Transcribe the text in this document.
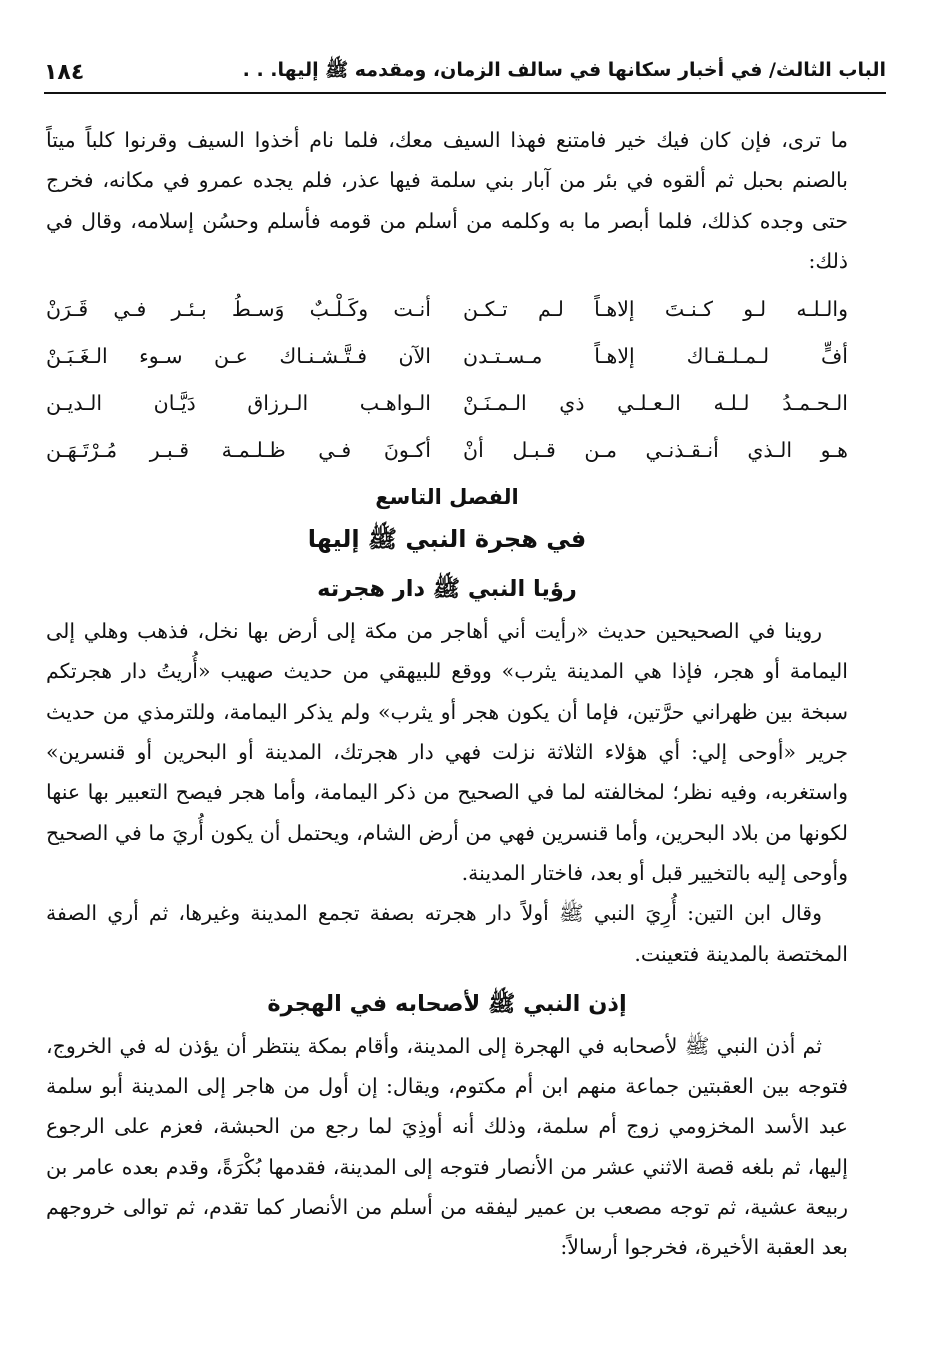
الباب الثالث/ في أخبار سكانها في سالف الزمان، ومقدمه ﷺ إليها. . .
١٨٤

ما ترى، فإن كان فيك خير فامتنع فهذا السيف معك، فلما نام أخذوا السيف وقرنوا كلباً ميتاً بالصنم بحبل ثم ألقوه في بئر من آبار بني سلمة فيها عذر، فلم يجده عمرو في مكانه، فخرج حتى وجده كذلك، فلما أبصر ما به وكلمه من أسلم من قومه فأسلم وحسُن إسلامه، وقال في ذلك:

والـلـه لـو كـنـتَ إلاهـاً لـم تـكـن
أنـت وكَـلْـبٌ وَسـطُ بـئـر فـي قَـرَنْ
أفٍّ لـمـلـقـاك إلاهـاً مـسـتـدن
الآن فـتَّـشـنـاك عـن سـوء الـغَـبَـنْ
الـحـمـدُ لـلـه الـعـلـي ذي الـمـنَـنْ
الـواهـب الـرزاق دَيَّـان الـديـن
هـو الـذي أنـقـذنـي مـن قـبـل أنْ
أكـونَ فـي ظـلـمـة قـبـر مُـرْتَـهَـن
الفصل التاسع
في هجرة النبي ﷺ إليها
رؤيا النبي ﷺ دار هجرته

روينا في الصحيحين حديث «رأيت أني أهاجر من مكة إلى أرض بها نخل، فذهب وهلي إلى اليمامة أو هجر، فإذا هي المدينة يثرب» ووقع للبيهقي من حديث صهيب «أُريتُ دار هجرتكم سبخة بين ظهراني حرَّتين، فإما أن يكون هجر أو يثرب» ولم يذكر اليمامة، وللترمذي من حديث جرير «أوحى إلي: أي هؤلاء الثلاثة نزلت فهي دار هجرتك، المدينة أو البحرين أو قنسرين» واستغربه، وفيه نظر؛ لمخالفته لما في الصحيح من ذكر اليمامة، وأما هجر فيصح التعبير بها عنها لكونها من بلاد البحرين، وأما قنسرين فهي من أرض الشام، ويحتمل أن يكون أُريَ ما في الصحيح وأوحى إليه بالتخيير قبل أو بعد، فاختار المدينة.

وقال ابن التين: أُرِيَ النبي ﷺ أولاً دار هجرته بصفة تجمع المدينة وغيرها، ثم أري الصفة المختصة بالمدينة فتعينت.

إذن النبي ﷺ لأصحابه في الهجرة

ثم أذن النبي ﷺ لأصحابه في الهجرة إلى المدينة، وأقام بمكة ينتظر أن يؤذن له في الخروج، فتوجه بين العقبتين جماعة منهم ابن أم مكتوم، ويقال: إن أول من هاجر إلى المدينة أبو سلمة عبد الأسد المخزومي زوج أم سلمة، وذلك أنه أوذِيَ لما رجع من الحبشة، فعزم على الرجوع إليها، ثم بلغه قصة الاثني عشر من الأنصار فتوجه إلى المدينة، فقدمها بُكْرَةً، وقدم بعده عامر بن ربيعة عشية، ثم توجه مصعب بن عمير ليفقه من أسلم من الأنصار كما تقدم، ثم توالى خروجهم بعد العقبة الأخيرة، فخرجوا أرسالاً:
